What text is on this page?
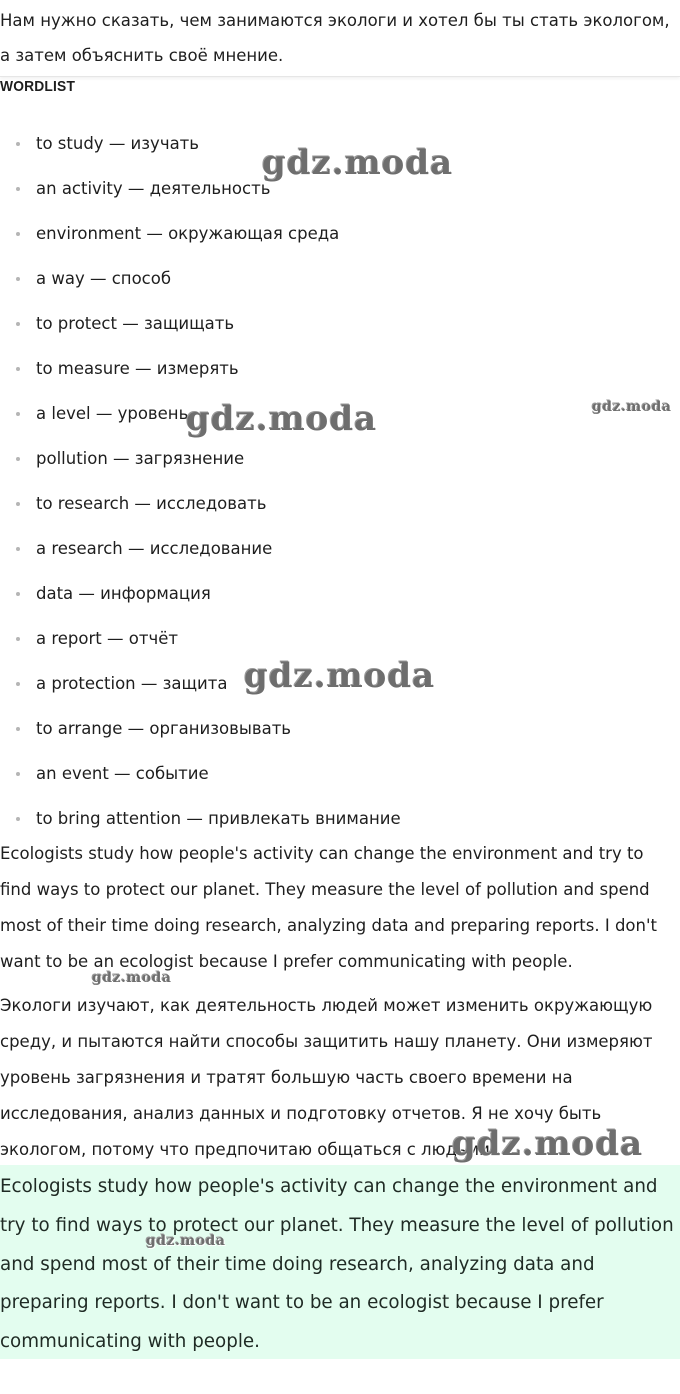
Нам нужно сказать, чем занимаются экологи и хотел бы ты стать экологом, а затем объяснить своё мнение.

WORDLIST
to study — изучать
an activity — деятельность
environment — окружающая среда
a way — способ
to protect — защищать
to measure — измерять
a level — уровень
pollution — загрязнение
to research — исследовать
a research — исследование
data — информация
a report — отчёт
a protection — защита
to arrange — организовывать
an event — событие
to bring attention — привлекать внимание

Ecologists study how people's activity can change the environment and try to find ways to protect our planet. They measure the level of pollution and spend most of their time doing research, analyzing data and preparing reports. I don't want to be an ecologist because I prefer communicating with people.

Экологи изучают, как деятельность людей может изменить окружающую среду, и пытаются найти способы защитить нашу планету. Они измеряют уровень загрязнения и тратят большую часть своего времени на исследования, анализ данных и подготовку отчетов. Я не хочу быть экологом, потому что предпочитаю общаться с людьми.

Ecologists study how people's activity can change the environment and try to find ways to protect our planet. They measure the level of pollution and spend most of their time doing research, analyzing data and preparing reports. I don't want to be an ecologist because I prefer communicating with people.

gdz.moda
gdz.moda	gdz.moda
gdz.moda
gdz.moda
gdz.moda
gdz.moda
